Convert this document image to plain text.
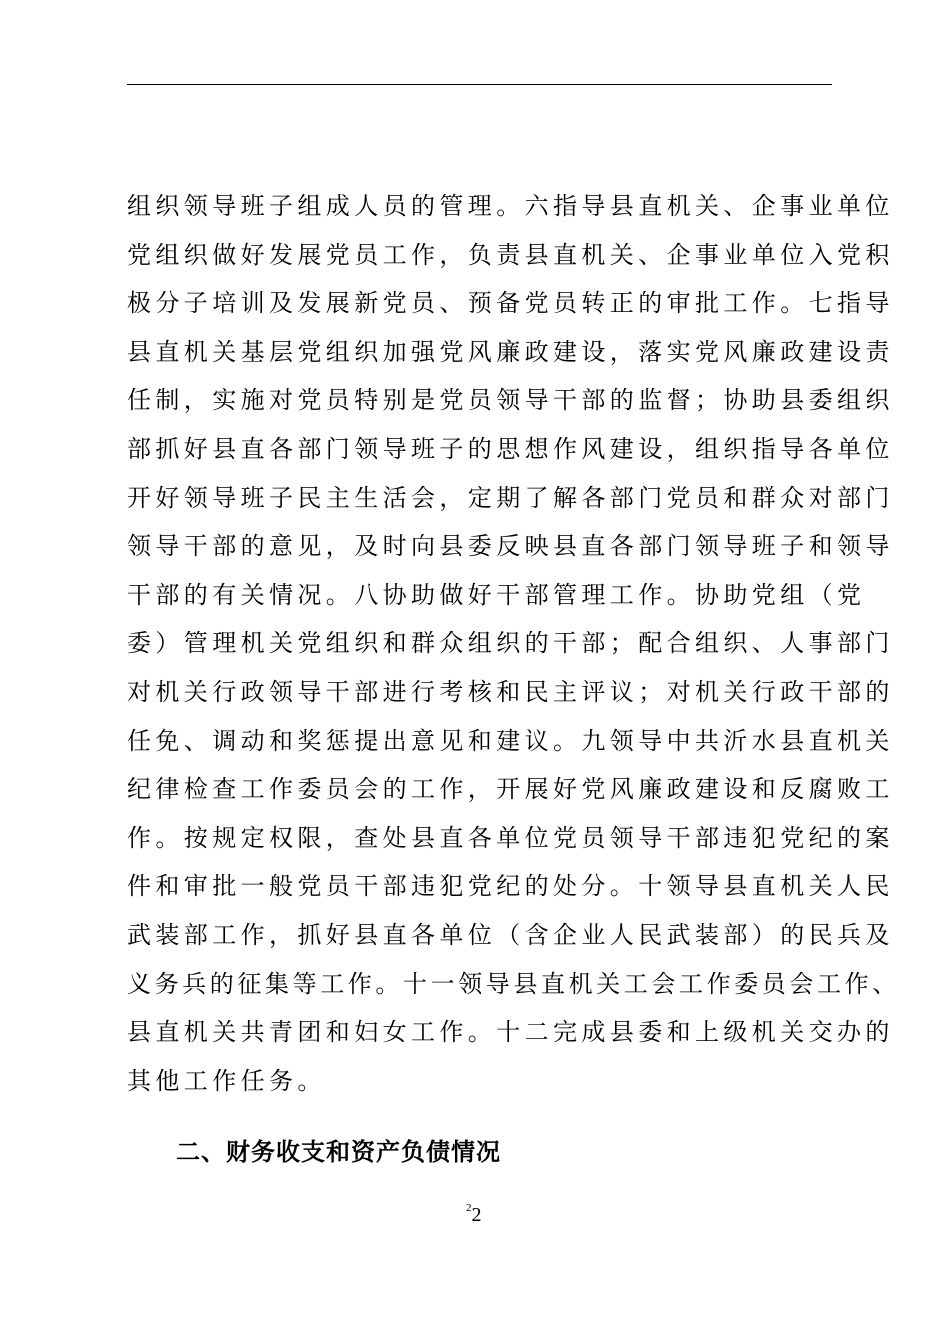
组织领导班子组成人员的管理。六指导县直机关、企事业单位
党组织做好发展党员工作，负责县直机关、企事业单位入党积
极分子培训及发展新党员、预备党员转正的审批工作。七指导
县直机关基层党组织加强党风廉政建设，落实党风廉政建设责
任制，实施对党员特别是党员领导干部的监督；协助县委组织
部抓好县直各部门领导班子的思想作风建设，组织指导各单位
开好领导班子民主生活会，定期了解各部门党员和群众对部门
领导干部的意见，及时向县委反映县直各部门领导班子和领导
干部的有关情况。八协助做好干部管理工作。协助党组（党
委）管理机关党组织和群众组织的干部；配合组织、人事部门
对机关行政领导干部进行考核和民主评议；对机关行政干部的
任免、调动和奖惩提出意见和建议。九领导中共沂水县直机关
纪律检查工作委员会的工作，开展好党风廉政建设和反腐败工
作。按规定权限，查处县直各单位党员领导干部违犯党纪的案
件和审批一般党员干部违犯党纪的处分。十领导县直机关人民
武装部工作，抓好县直各单位（含企业人民武装部）的民兵及
义务兵的征集等工作。十一领导县直机关工会工作委员会工作、
县直机关共青团和妇女工作。十二完成县委和上级机关交办的
其他工作任务。
二、财务收支和资产负债情况
$^2$2
